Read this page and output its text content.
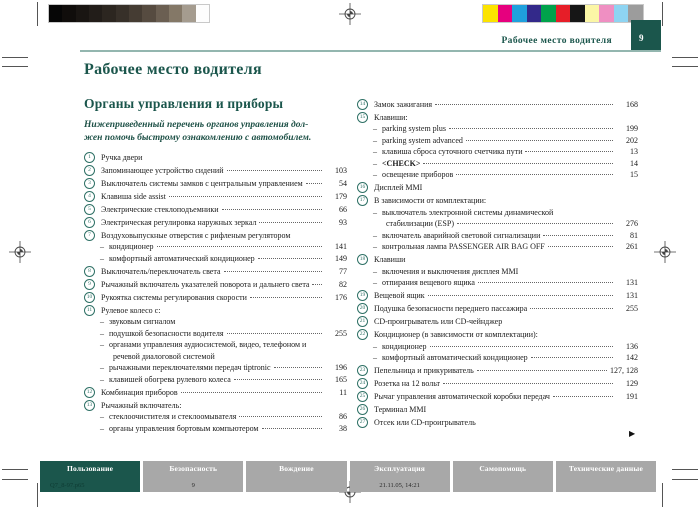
Рабочее место водителя	9
Рабочее место водителя
Органы управления и приборы
Нижеприведенный перечень органов управления дол-
жен помочь быстрому ознакомлению с автомобилем.
1	Ручка двери
2	Запоминающее устройство сидений	103
3	Выключатель системы замков с центральным управлением	54
4	Клавиша side assist	179
5	Электрические стеклоподъемники	66
6	Электрическая регулировка наружных зеркал	93
7	Воздуховыпускные отверстия с рифленым регулятором
– кондиционер	141
– комфортный автоматический кондиционер	149
8	Выключатель/переключатель света	77
9	Рычажный включатель указателей поворота и дальнего света	82
10	Рукоятка системы регулирования скорости	176
11	Рулевое колесо с:
– звуковым сигналом
– подушкой безопасности водителя	255
– органами управления аудиосистемой, видео, телефоном и
речевой диалоговой системой
– рычажными переключателями передач tiptronic	196
– клавишей обогрева рулевого колеса	165
12	Комбинация приборов	11
13	Рычажный включатель:
– стеклоочистителя и стеклоомывателя	86
– органы управления бортовым компьютером	38
14	Замок зажигания	168
15	Клавиши:
– parking system plus	199
– parking system advanced	202
– клавиша сброса суточного счетчика пути	13
– <CHECK>	14
– освещение приборов	15
16	Дисплей MMI
17	В зависимости от комплектации:
– выключатель электронной системы динамической
стабилизации (ESP)	276
– включатель аварийной световой сигнализации	81
– контрольная лампа PASSENGER AIR BAG OFF	261
18	Клавиши
– включения и выключения дисплея MMI
– отпирания вещевого ящика	131
19	Вещевой ящик	131
20	Подушка безопасности переднего пассажира	255
21	CD-проигрыватель или CD-чейнджер
22	Кондиционер (в зависимости от комплектации):
– кондиционер	136
– комфортный автоматический кондиционер	142
23	Пепельница и прикуриватель	127, 128
24	Розетка на 12 вольт	129
25	Рычаг управления автоматической коробки передач	191
26	Терминал MMI
27	Отсек или CD-проигрыватель
▶
Пользование
Q7_8-97.p65
Безопасность
9
Вождение	Эксплуатация
21.11.05, 14:21
Самопомощь	Технические данные
